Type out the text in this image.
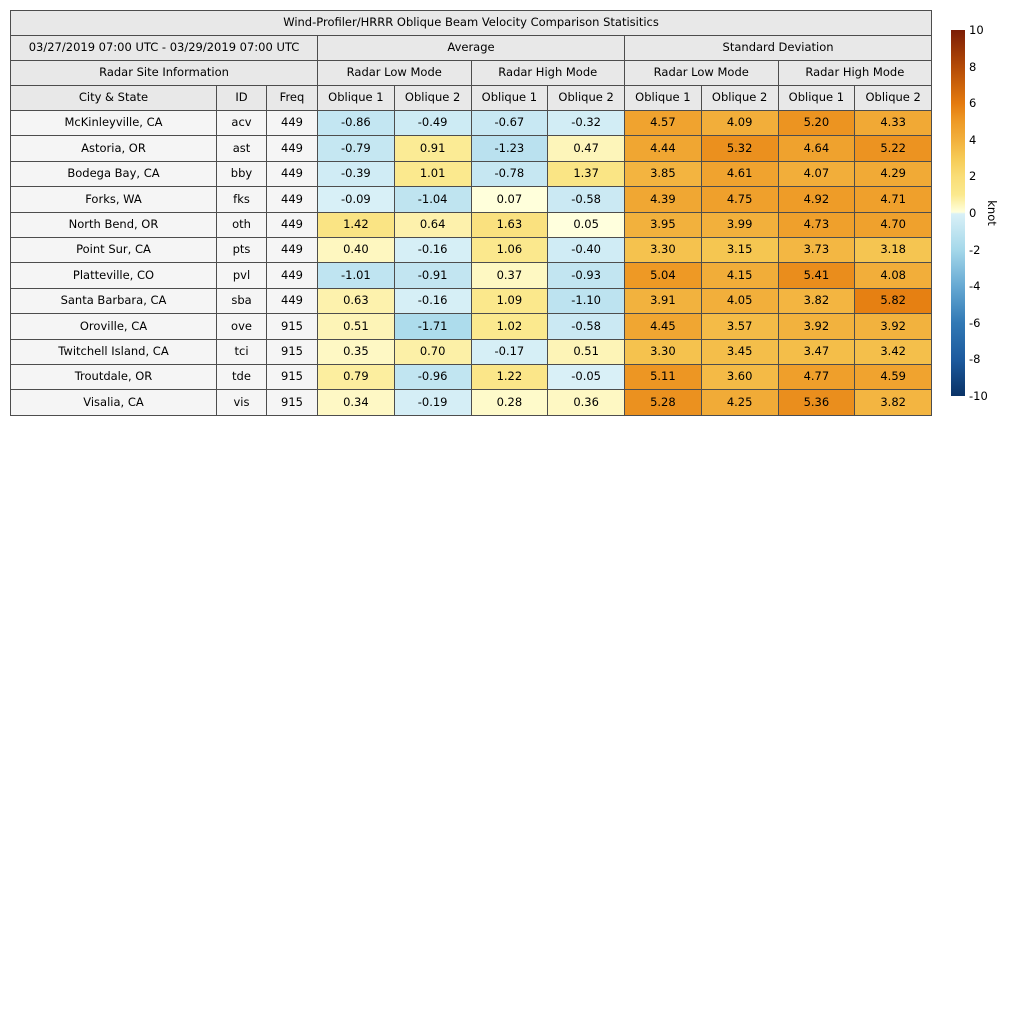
Wind-Profiler/HRRR Oblique Beam Velocity Comparison Statisitics										
03/27/2019 07:00 UTC - 03/29/2019 07:00 UTC			Average				Standard Deviation			
Radar Site Information			Radar Low Mode		Radar High Mode		Radar Low Mode		Radar High Mode	
City & State	ID	Freq	Oblique 1	Oblique 2	Oblique 1	Oblique 2	Oblique 1	Oblique 2	Oblique 1	Oblique 2
McKinleyville, CA	acv	449	-0.86	-0.49	-0.67	-0.32	4.57	4.09	5.20	4.33
Astoria, OR	ast	449	-0.79	0.91	-1.23	0.47	4.44	5.32	4.64	5.22
Bodega Bay, CA	bby	449	-0.39	1.01	-0.78	1.37	3.85	4.61	4.07	4.29
Forks, WA	fks	449	-0.09	-1.04	0.07	-0.58	4.39	4.75	4.92	4.71
North Bend, OR	oth	449	1.42	0.64	1.63	0.05	3.95	3.99	4.73	4.70
Point Sur, CA	pts	449	0.40	-0.16	1.06	-0.40	3.30	3.15	3.73	3.18
Platteville, CO	pvl	449	-1.01	-0.91	0.37	-0.93	5.04	4.15	5.41	4.08
Santa Barbara, CA	sba	449	0.63	-0.16	1.09	-1.10	3.91	4.05	3.82	5.82
Oroville, CA	ove	915	0.51	-1.71	1.02	-0.58	4.45	3.57	3.92	3.92
Twitchell Island, CA	tci	915	0.35	0.70	-0.17	0.51	3.30	3.45	3.47	3.42
Troutdale, OR	tde	915	0.79	-0.96	1.22	-0.05	5.11	3.60	4.77	4.59
Visalia, CA	vis	915	0.34	-0.19	0.28	0.36	5.28	4.25	5.36	3.82
10
8
6
4
2
0
-2
-4
-6
-8
-10
knot
